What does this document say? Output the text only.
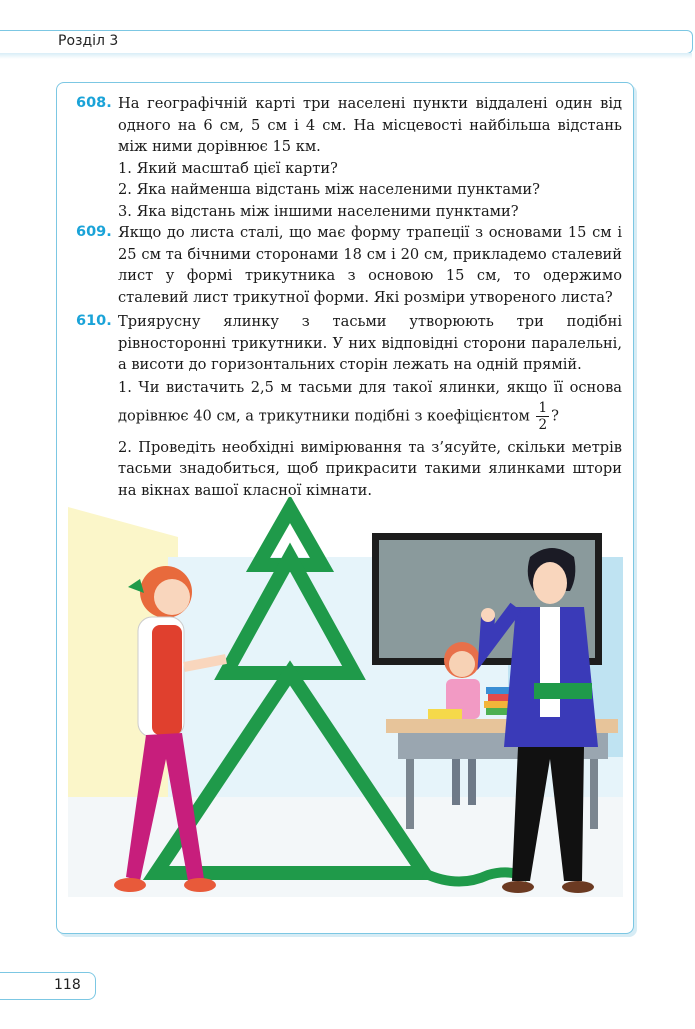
Розділ 3
608. На географічній карті три населені пункти віддалені один від одного на 6 см, 5 см і 4 см. На місцевості найбільша відстань між ними дорівнює 15 км.

1. Який масштаб цієї карти?

2. Яка найменша відстань між населеними пунктами?

3. Яка відстань між іншими населеними пунктами?

609. Якщо до листа сталі, що має форму трапеції з основами 15 см і 25 см та бічними сторонами 18 см і 20 см, прикладемо сталевий лист у формі трикутника з основою 15 см, то одержимо сталевий лист трикутної форми. Які розміри утвореного листа?

610. Триярусну ялинку з тасьми утворюють три подібні рівносторонні трикутники. У них відповідні сторони паралельні, а висоти до горизонтальних сторін лежать на одній прямій.

1. Чи вистачить 2,5 м тасьми для такої ялинки, якщо її основа дорівнює 40 см, а трикутники подібні з коефіцієнтом $\frac{1}{2}$ ?

2. Проведіть необхідні вимірювання та з’ясуйте, скільки метрів тасьми знадобиться, щоб прикрасити такими ялинками штори на вікнах вашої класної кімнати.

118
